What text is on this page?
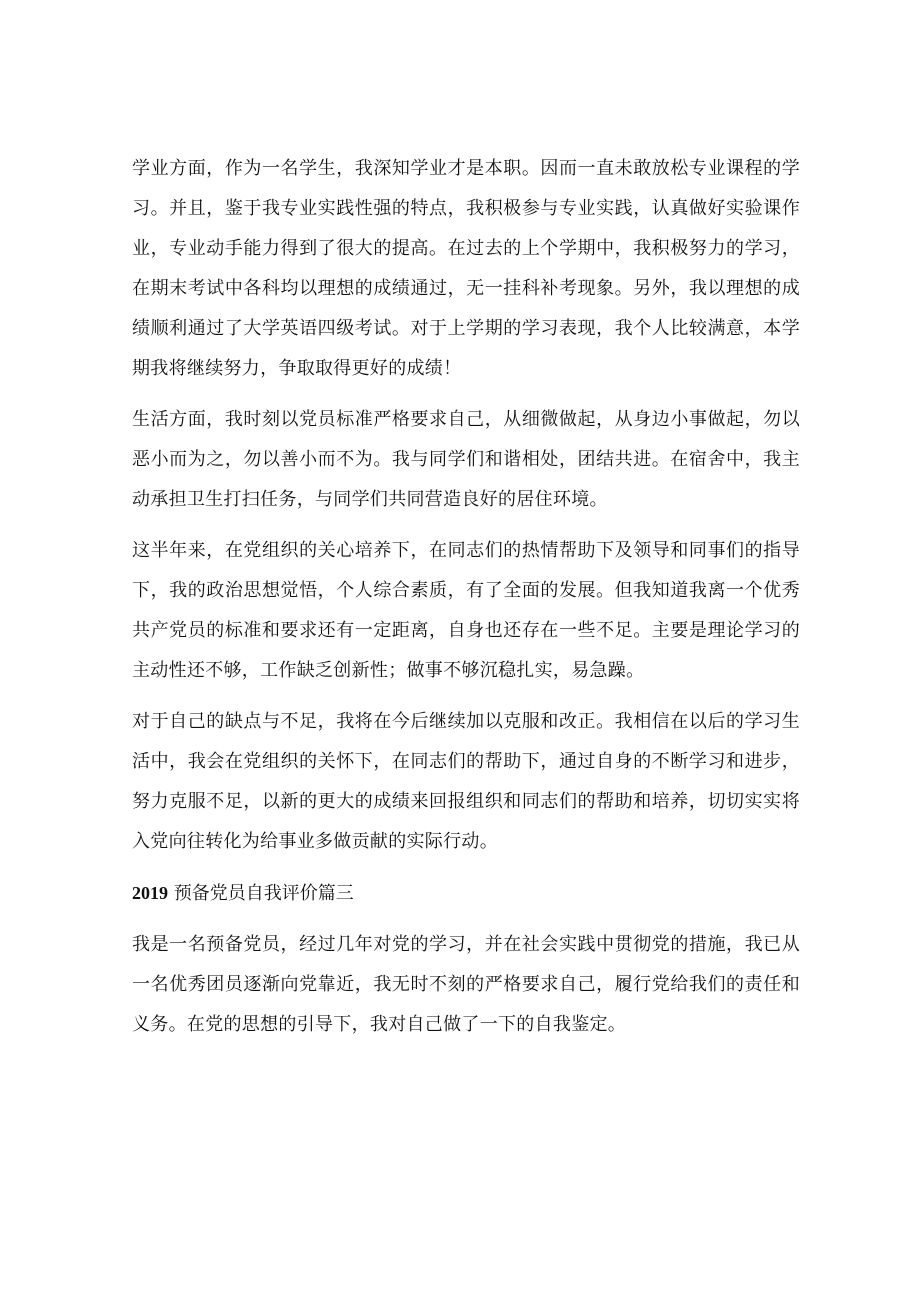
学业方面，作为一名学生，我深知学业才是本职。因而一直未敢放松专业课程的学习。并且，鉴于我专业实践性强的特点，我积极参与专业实践，认真做好实验课作业，专业动手能力得到了很大的提高。在过去的上个学期中，我积极努力的学习，在期末考试中各科均以理想的成绩通过，无一挂科补考现象。另外，我以理想的成绩顺利通过了大学英语四级考试。对于上学期的学习表现，我个人比较满意，本学期我将继续努力，争取取得更好的成绩！

生活方面，我时刻以党员标准严格要求自己，从细微做起，从身边小事做起，勿以恶小而为之，勿以善小而不为。我与同学们和谐相处，团结共进。在宿舍中，我主动承担卫生打扫任务，与同学们共同营造良好的居住环境。

这半年来，在党组织的关心培养下，在同志们的热情帮助下及领导和同事们的指导下，我的政治思想觉悟，个人综合素质，有了全面的发展。但我知道我离一个优秀共产党员的标准和要求还有一定距离，自身也还存在一些不足。主要是理论学习的主动性还不够，工作缺乏创新性；做事不够沉稳扎实，易急躁。

对于自己的缺点与不足，我将在今后继续加以克服和改正。我相信在以后的学习生活中，我会在党组织的关怀下，在同志们的帮助下，通过自身的不断学习和进步，努力克服不足，以新的更大的成绩来回报组织和同志们的帮助和培养，切切实实将入党向往转化为给事业多做贡献的实际行动。

2019 预备党员自我评价篇三

我是一名预备党员，经过几年对党的学习，并在社会实践中贯彻党的措施，我已从一名优秀团员逐渐向党靠近，我无时不刻的严格要求自己，履行党给我们的责任和义务。在党的思想的引导下，我对自己做了一下的自我鉴定。
